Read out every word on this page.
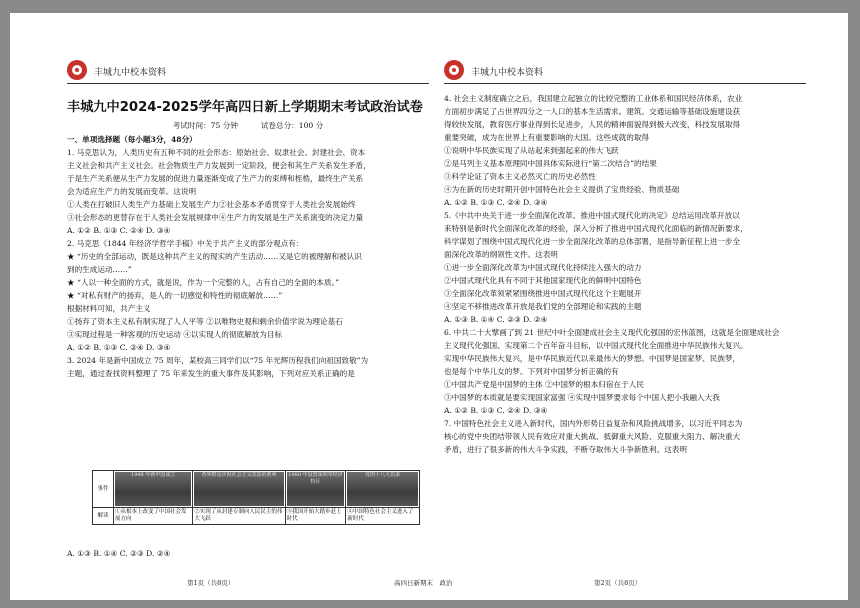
丰城九中校本资料
丰城九中2024-2025学年高四日新上学期期末考试政治试卷
考试时间：75 分钟	试卷总分：100 分
一、单项选择题（每小题3分，48分）
1. 马克思认为，人类历史有五种不同的社会形态：原始社会、奴隶社会、封建社会、资本
主义社会和共产主义社会。社会物质生产力发展到一定阶段，便会和其生产关系发生矛盾，
于是生产关系便从生产力发展的促进力量逐渐变成了生产力的束缚和桎梏，最终生产关系
会为适应生产力的发展而变革。这说明
①人类在打破旧人类生产力基础上发展生产力②社会基本矛盾贯穿于人类社会发展始终
③社会形态的更替存在于人类社会发展规律中④生产力的发展是生产关系演变的决定力量
A. ①② B. ①③ C. ②④ D. ③④
2. 马克思《1844 年经济学哲学手稿》中关于共产主义的部分观点有：
★ “历史的全部运动，既是这种共产主义的现实的产生活动……又是它的被理解和被认识
到的生成运动……”
★ “人以一种全面的方式，就是说，作为一个完整的人，占有自己的全面的本质。”
★ “对私有财产的扬弃，是人的一切感觉和特性的彻底解放……”
根据材料可知，共产主义
①扬弃了资本主义私有制实现了人人平等 ②以唯物史观和剩余价值学说为理论基石
③实现过程是一种客观的历史运动 ④以实现人的彻底解放为目标
A. ①② B. ①③ C. ②④ D. ③④
3. 2024 年是新中国成立 75 周年，某校高三同学们以“75 年光辉历程我们向祖国致敬”为
主题，通过查找资料整理了 75 年来发生的重大事件及其影响，下列对应关系正确的是
事件	1949 年新中国成立	各界群众庆祝社会主义改造的胜利	1980 年设置深圳等经济特区	党的十八大以来

解读	①从根本上改变了中国社会发展方向	②实现了从封建专制向人民民主的伟大飞跃	③我国开始大踏步赶上时代	④中国特色社会主义进入了新时代
A. ①③ B. ①④ C. ②③ D. ②④
第1页（共8页）	高四日新期末　政治
丰城九中校本资料
4. 社会主义制度确立之后，我国建立起独立的比较完整的工业体系和国民经济体系，农业
方面初步满足了占世界四分之一人口的基本生活需求。建筑、交通运输等基础设施建设获
得较快发展，教育医疗事业得到长足进步，人民的精神面貌得到极大改变，科技发展取得
重要突破，成为在世界上有重要影响的大国。这些成就的取得
①说明中华民族实现了从站起来到强起来的伟大飞跃
②是马列主义基本原理同中国具体实际进行“第二次结合”的结果
③科学论证了资本主义必然灭亡的历史必然性
④为在新的历史时期开创中国特色社会主义提供了宝贵经验、物质基础
A. ①② B. ①③ C. ②④ D. ③④
5.《中共中央关于进一步全面深化改革、推进中国式现代化的决定》总结运用改革开放以
来特别是新时代全面深化改革的经验，深入分析了推进中国式现代化面临的新情况新要求，
科学谋划了围绕中国式现代化进一步全面深化改革的总体部署，是指导新征程上进一步全
面深化改革的纲领性文件。这表明
①进一步全面深化改革为中国式现代化持续注入强大的动力
②中国式现代化具有不同于其他国家现代化的鲜明中国特色
③全面深化改革须紧紧围绕推进中国式现代化这个主题展开
④坚定不移推进改革开放是我们党的全部理论和实践的主题
A. ①③ B. ①④ C. ②③ D. ②④
6. 中共二十大擘画了到 21 世纪中叶全面建成社会主义现代化强国的宏伟蓝图，这就是全面建成社会
主义现代化强国、实现第二个百年奋斗目标，以中国式现代化全面推进中华民族伟大复兴。
实现中华民族伟大复兴，是中华民族近代以来最伟大的梦想。中国梦是国家梦、民族梦，
也是每个中华儿女的梦。下列对中国梦分析正确的有
①中国共产党是中国梦的主体 ②中国梦的根本归宿在于人民
③中国梦的本质就是要实现国家富强 ④实现中国梦要求每个中国人把小我融入大我
A. ①② B. ①③ C. ②④ D. ③④
7. 中国特色社会主义进入新时代，国内外形势日益复杂和风险挑战增多，以习近平同志为
核心的党中央团结带领人民有效应对重大挑战、抵御重大风险、克服重大阻力、解决重大
矛盾，进行了很多新的伟大斗争实践，不断夺取伟大斗争新胜利。这表明
第2页（共8页）
